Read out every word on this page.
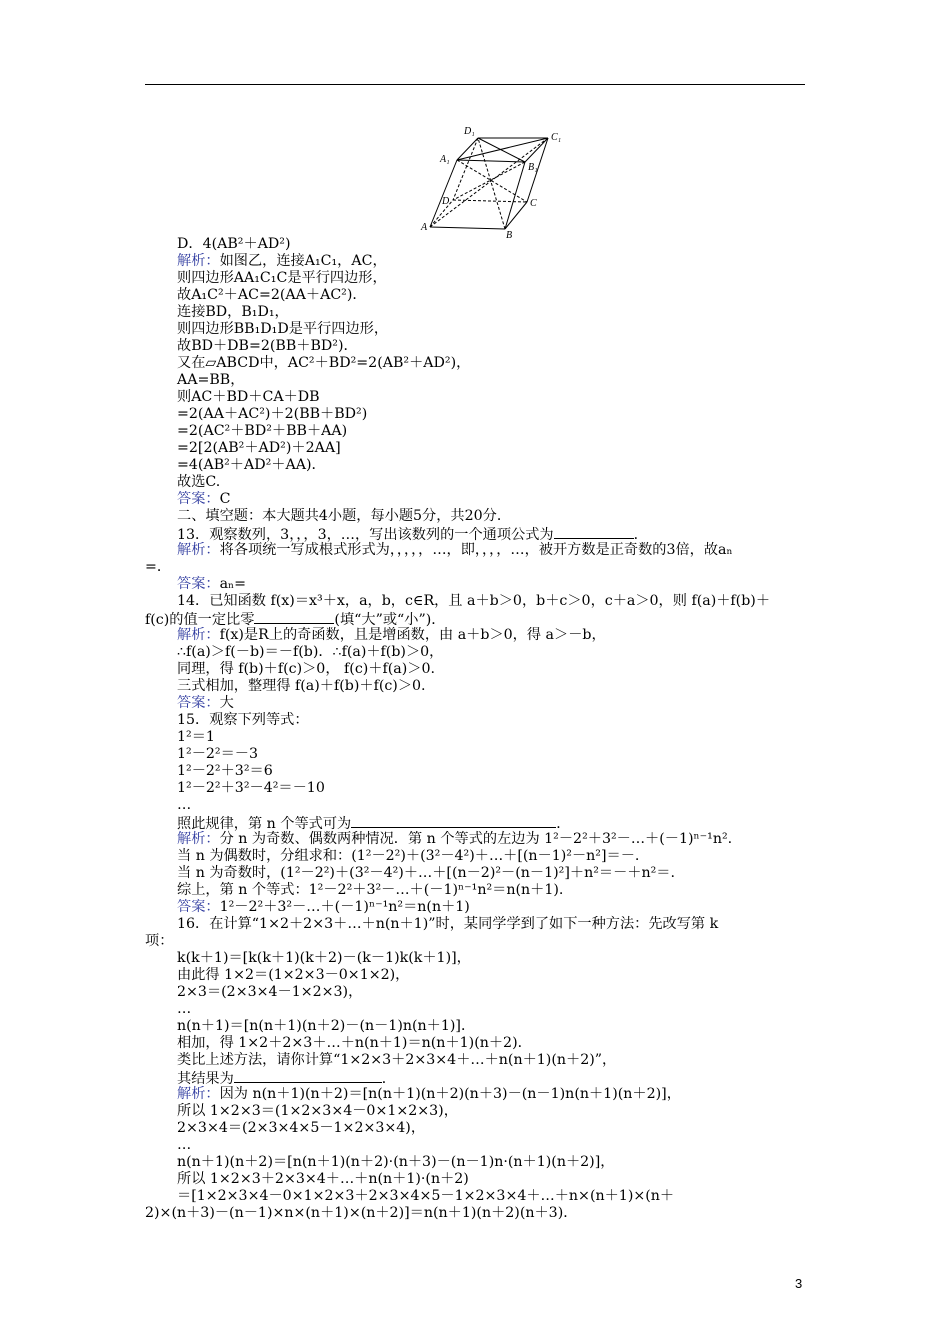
D₁
C₁
A₁
B₁
D	C
A
B
D．4(AB²＋AD²)
解析：如图乙，连接A₁C₁，AC，
则四边形AA₁C₁C是平行四边形，
故A₁C²＋AC=2(AA＋AC²)．
连接BD，B₁D₁，
则四边形BB₁D₁D是平行四边形，
故BD＋DB=2(BB＋BD²)．
又在▱ABCD中，AC²＋BD²=2(AB²＋AD²)，
AA=BB，
则AC＋BD＋CA＋DB
=2(AA＋AC²)＋2(BB＋BD²)
=2(AC²＋BD²＋BB＋AA)
=2[2(AB²＋AD²)＋2AA]
=4(AB²＋AD²＋AA)．
故选C.
答案：C
二、填空题：本大题共4小题，每小题5分，共20分．
13．观察数列，3，，，3，…，写出该数列的一个通项公式为	．
解析：将各项统一写成根式形式为，，，，，…，即，，，，…，被开方数是正奇数的3倍，故aₙ
=．
答案：aₙ=
14．已知函数 f(x)＝x³＋x，a，b，c∈R，且 a＋b＞0，b＋c＞0，c＋a＞0，则 f(a)＋f(b)＋
f(c)的值一定比零	(填“大”或“小”)．
解析：f(x)是R上的奇函数，且是增函数，由 a＋b＞0，得 a＞－b，
∴f(a)＞f(－b)＝－f(b)．∴f(a)＋f(b)＞0，
同理，得 f(b)＋f(c)＞0， f(c)＋f(a)＞0.
三式相加，整理得 f(a)＋f(b)＋f(c)＞0.
答案：大
15．观察下列等式：
1²＝1
1²－2²＝－3
1²－2²＋3²＝6
1²－2²＋3²－4²＝－10
…
照此规律，第 n 个等式可为	．
解析：分 n 为奇数、偶数两种情况．第 n 个等式的左边为 1²－2²＋3²－…＋(－1)ⁿ⁻¹n².
当 n 为偶数时，分组求和：(1²－2²)＋(3²－4²)＋…＋[(n－1)²－n²]＝－.
当 n 为奇数时，(1²－2²)＋(3²－4²)＋…＋[(n－2)²－(n－1)²]＋n²＝－＋n²＝.
综上，第 n 个等式：1²－2²＋3²－…＋(－1)ⁿ⁻¹n²＝n(n＋1).
答案：1²－2²＋3²－…＋(－1)ⁿ⁻¹n²＝n(n＋1)
16．在计算“1×2＋2×3＋…＋n(n＋1)”时，某同学学到了如下一种方法：先改写第 k
项：
k(k＋1)＝[k(k＋1)(k＋2)－(k－1)k(k＋1)]，
由此得 1×2＝(1×2×3－0×1×2)，
2×3＝(2×3×4－1×2×3)，
…
n(n＋1)＝[n(n＋1)(n＋2)－(n－1)n(n＋1)]．
相加，得 1×2＋2×3＋…＋n(n＋1)＝n(n＋1)(n＋2)．
类比上述方法，请你计算“1×2×3＋2×3×4＋…＋n(n＋1)(n＋2)”，
其结果为	．
解析：因为 n(n＋1)(n＋2)＝[n(n＋1)(n＋2)(n＋3)－(n－1)n(n＋1)(n＋2)]，
所以 1×2×3＝(1×2×3×4－0×1×2×3)，
2×3×4＝(2×3×4×5－1×2×3×4)，
…
n(n＋1)(n＋2)＝[n(n＋1)(n＋2)·(n＋3)－(n－1)n·(n＋1)(n＋2)]，
所以 1×2×3＋2×3×4＋…＋n(n＋1)·(n＋2)
＝[1×2×3×4－0×1×2×3＋2×3×4×5－1×2×3×4＋…＋n×(n＋1)×(n＋
2)×(n＋3)－(n－1)×n×(n＋1)×(n＋2)]＝n(n＋1)(n＋2)(n＋3)．
3
